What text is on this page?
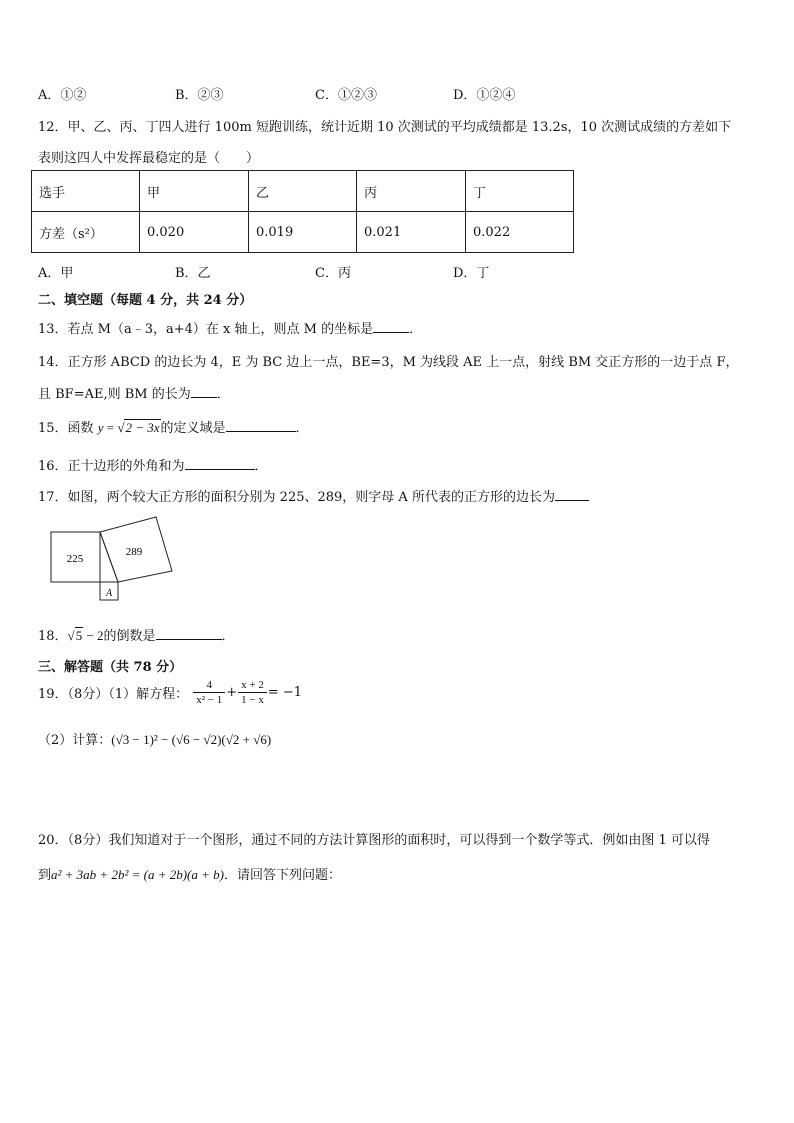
A．①②	B．②③	C．①②③	D．①②④
12．甲、乙、丙、丁四人进行 100m 短跑训练，统计近期 10 次测试的平均成绩都是 13.2s，10 次测试成绩的方差如下
表则这四人中发挥最稳定的是（　　）
选手	甲	乙	丙	丁
方差（s²）	0.020	0.019	0.021	0.022
A．甲	B．乙	C．丙	D．丁
二、填空题（每题 4 分，共 24 分）
13．若点 M（a﹣3，a+4）在 x 轴上，则点 M 的坐标是	．
14．正方形 ABCD 的边长为 4，E 为 BC 边上一点，BE=3，M 为线段 AE 上一点，射线 BM 交正方形的一边于点 F，
且 BF=AE,则 BM 的长为 ．
15．函数 y = √2 − 3x的定义域是	．
16．正十边形的外角和为	．
17．如图，两个较大正方形的面积分别为 225、289，则字母 A 所代表的正方形的边长为
225
289
A
18．√5 − 2的倒数是	．
三、解答题（共 78 分）
19．（8分）（1）解方程： $\frac{4}{\text{x² − 1}} + \frac{x + 2}{1 - x} = -1$
（2）计算：(√3 − 1)² − (√6 − √2)(√2 + √6)
20．（8分）我们知道对于一个图形，通过不同的方法计算图形的面积时，可以得到一个数学等式．例如由图 1 可以得
到a² + 3ab + 2b² = (a + 2b)(a + b)．请回答下列问题：
